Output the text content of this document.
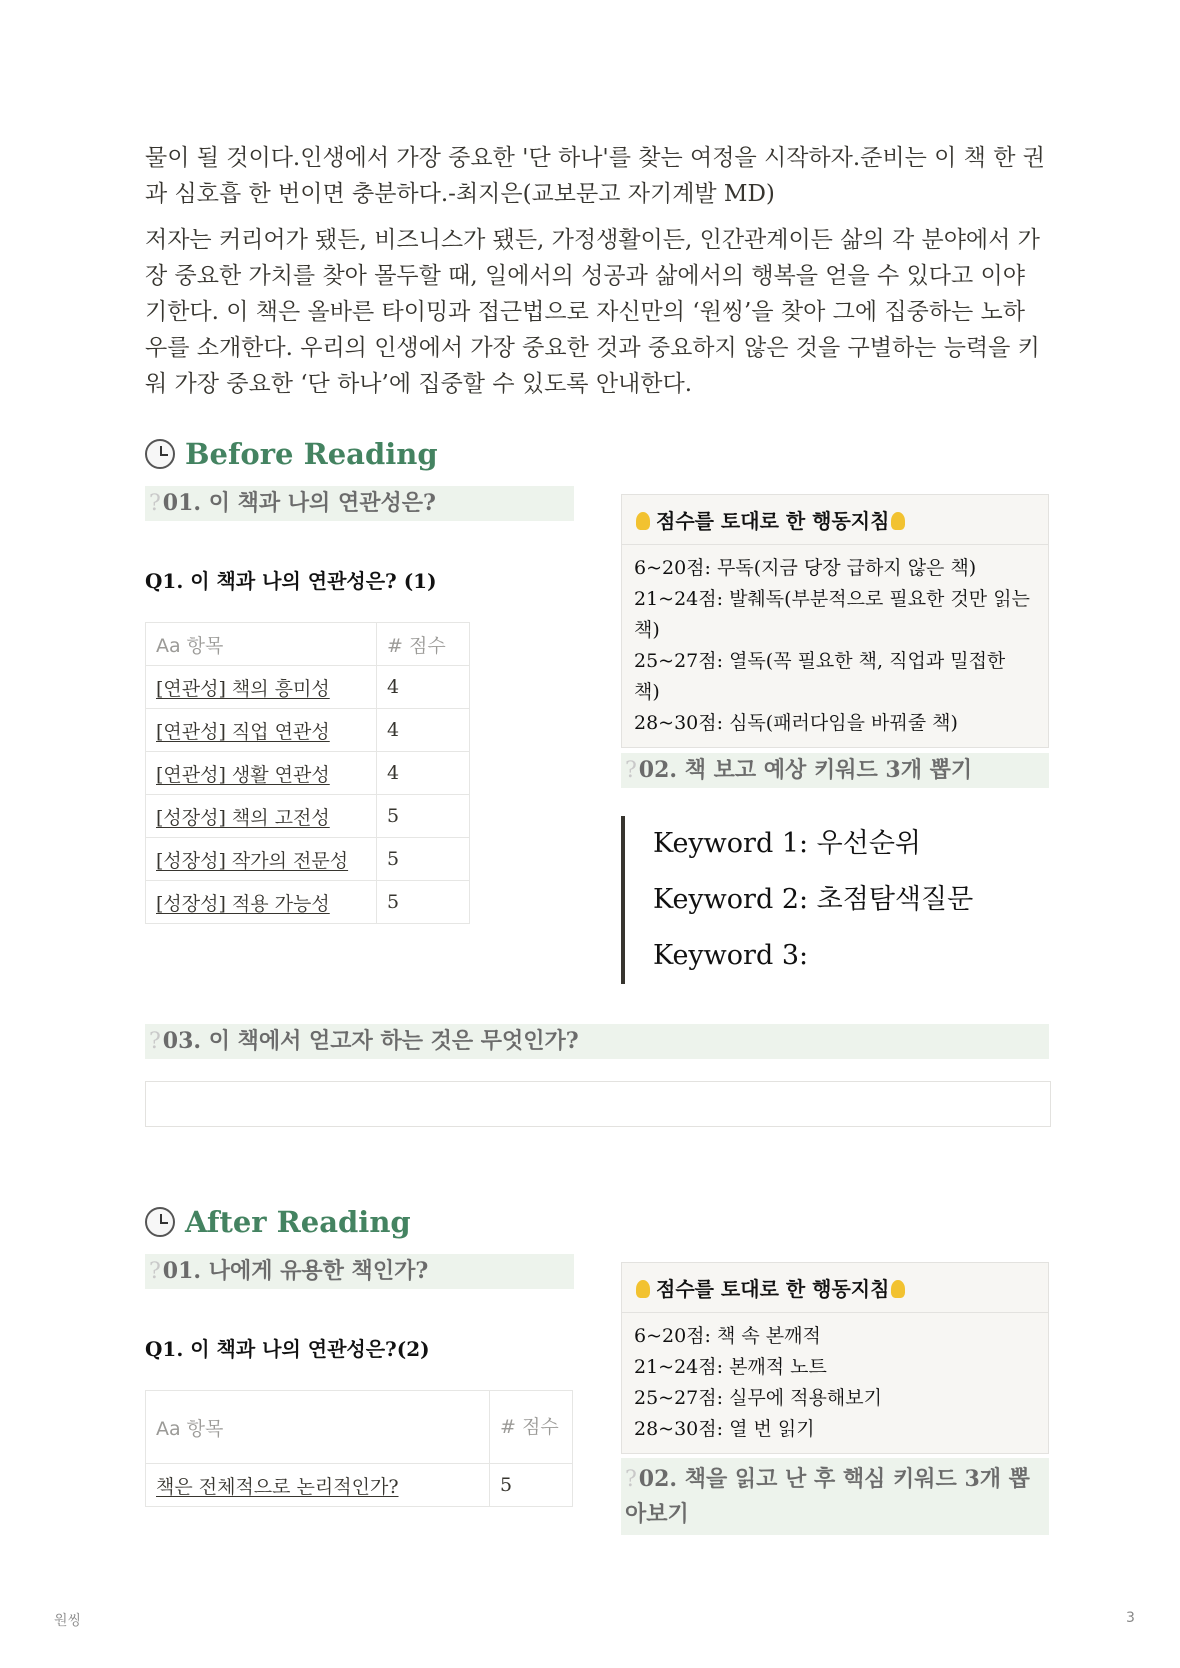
물이 될 것이다.인생에서 가장 중요한 '단 하나'를 찾는 여정을 시작하자.준비는 이 책 한 권과 심호흡 한 번이면 충분하다.-최지은(교보문고 자기계발 MD)

저자는 커리어가 됐든, 비즈니스가 됐든, 가정생활이든, 인간관계이든 삶의 각 분야에서 가장 중요한 가치를 찾아 몰두할 때, 일에서의 성공과 삶에서의 행복을 얻을 수 있다고 이야기한다. 이 책은 올바른 타이밍과 접근법으로 자신만의 ‘원씽’을 찾아 그에 집중하는 노하우를 소개한다. 우리의 인생에서 가장 중요한 것과 중요하지 않은 것을 구별하는 능력을 키워 가장 중요한 ‘단 하나’에 집중할 수 있도록 안내한다.

Before Reading
?01. 이 책과 나의 연관성은?
Q1. 이 책과 나의 연관성은? (1)
Aa 항목	# 점수
[연관성] 책의 흥미성	4
[연관성] 직업 연관성	4
[연관성] 생활 연관성	4
[성장성] 책의 고전성	5
[성장성] 작가의 전문성	5
[성장성] 적용 가능성	5
점수를 토대로 한 행동지침
6~20점: 무독(지금 당장 급하지 않은 책)
21~24점: 발췌독(부분적으로 필요한 것만 읽는 책)
25~27점: 열독(꼭 필요한 책, 직업과 밀접한 책)
28~30점: 심독(패러다임을 바꿔줄 책)
?02. 책 보고 예상 키워드 3개 뽑기

Keyword 1: 우선순위

Keyword 2: 초점탐색질문

Keyword 3:

?03. 이 책에서 얻고자 하는 것은 무엇인가?
After Reading
?01. 나에게 유용한 책인가?
Q1. 이 책과 나의 연관성은?(2)
Aa 항목	# 점수
책은 전체적으로 논리적인가?	5
점수를 토대로 한 행동지침
6~20점: 책 속 본깨적
21~24점: 본깨적 노트
25~27점: 실무에 적용해보기
28~30점: 열 번 읽기
?02. 책을 읽고 난 후 핵심 키워드 3개 뽑아보기
원씽	3
